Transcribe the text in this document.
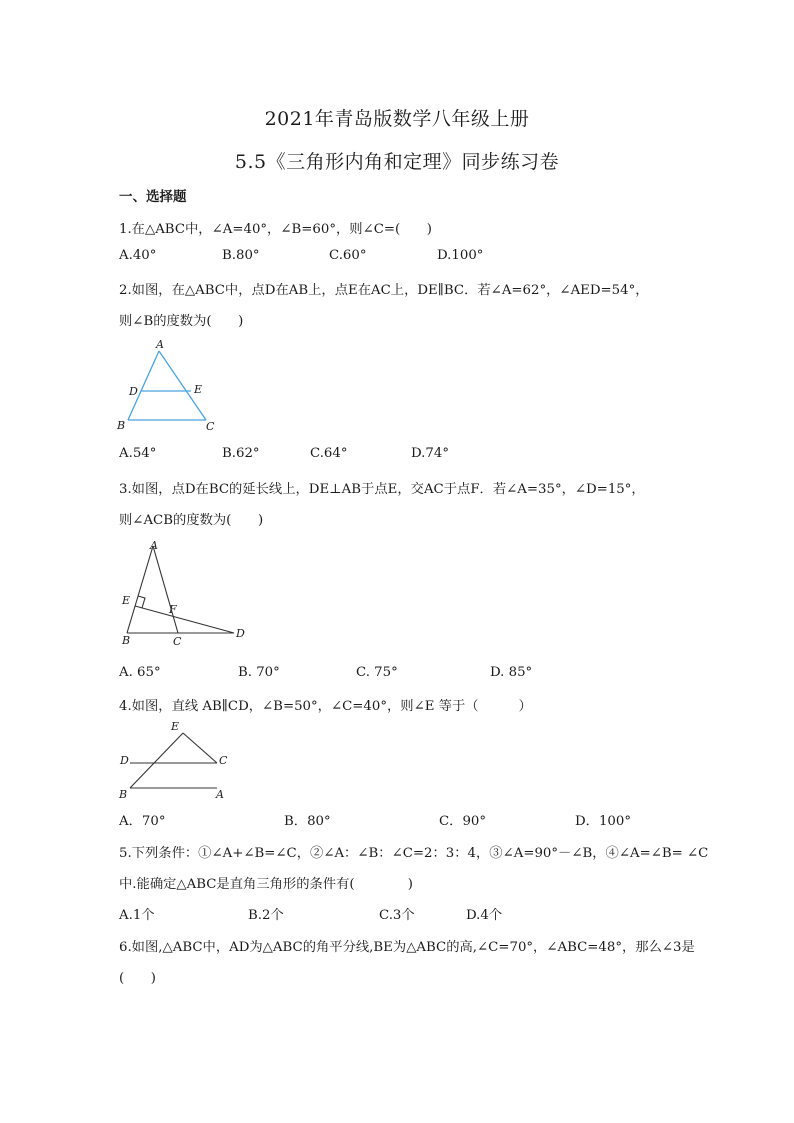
2021年青岛版数学八年级上册
5.5《三角形内角和定理》同步练习卷
一、选择题
1.在△ABC中，∠A=40°，∠B=60°，则∠C=(　　)
A.40°	B.80°	C.60°	D.100°
2.如图，在△ABC中，点D在AB上，点E在AC上，DE∥BC．若∠A=62°，∠AED=54°，
则∠B的度数为(　　)
A
B	C
D	E
A.54°	B.62°	C.64°	D.74°
3.如图，点D在BC的延长线上，DE⊥AB于点E，交AC于点F．若∠A=35°，∠D=15°，
则∠ACB的度数为(　　)
A
B	C
D
E
F
A. 65°	B. 70°	C. 75°	D. 85°
4.如图，直线 AB∥CD，∠B=50°，∠C=40°，则∠E 等于（　　　）
E
D	C
B	A
A．70°	B．80°	C．90°	D．100°
5.下列条件：①∠A+∠B=∠C，②∠A：∠B：∠C=2：3：4，③∠A=90°－∠B，④∠A=∠B= ∠C
中.能确定△ABC是直角三角形的条件有(　　　　)
A.1个	B.2个	C.3个	D.4个
6.如图,△ABC中，AD为△ABC的角平分线,BE为△ABC的高,∠C=70°，∠ABC=48°，那么∠3是
(　　)
